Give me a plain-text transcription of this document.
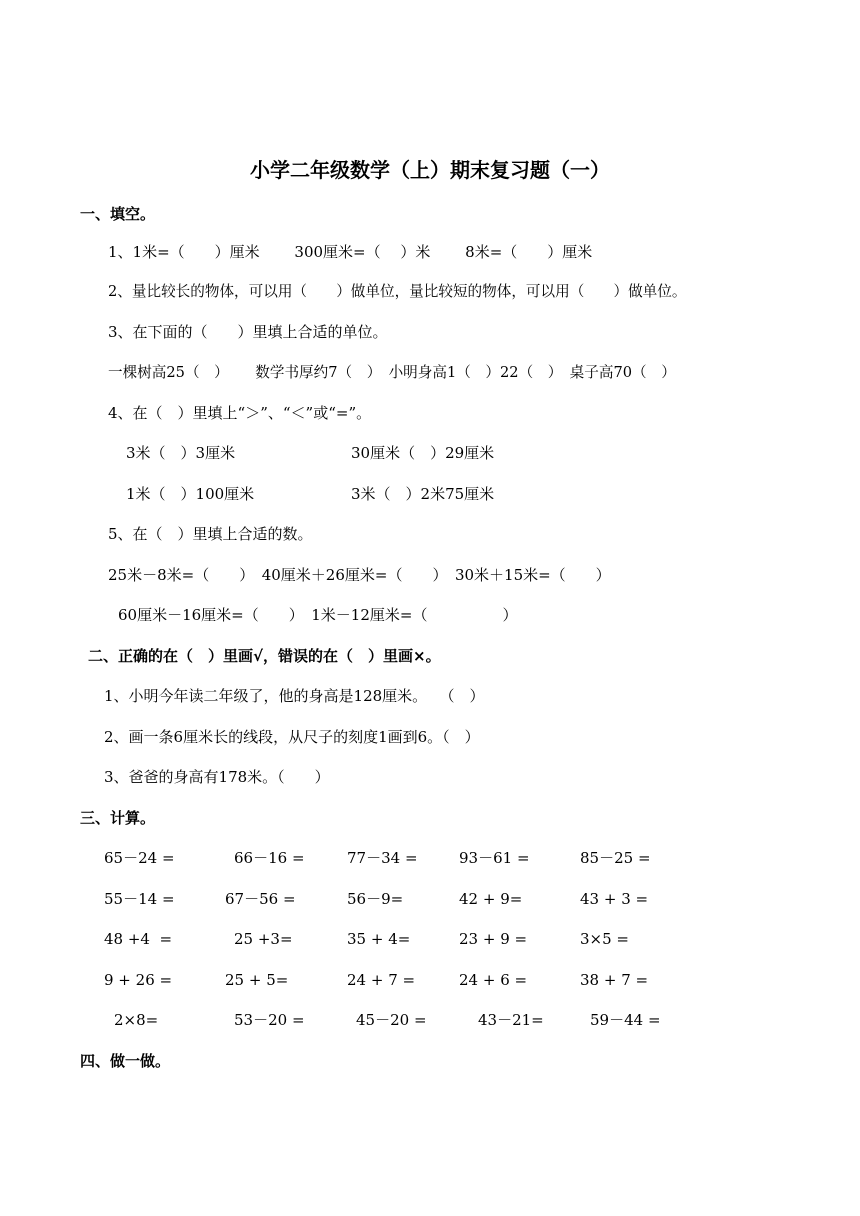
小学二年级数学（上）期末复习题（一）
一、填空。
1、1米=（　　）厘米　　 300厘米=（　 ）米　　 8米=（　　）厘米
2、量比较长的物体，可以用（　　）做单位，量比较短的物体，可以用（　　）做单位。
3、在下面的（　　）里填上合适的单位。
一棵树高25（　）　　 数学书厚约7（　）　小明身高1（　）22（　）　桌子高70（　）
4、在（　）里填上“＞”、“＜”或“=”。
3米（　）3厘米	30厘米（　）29厘米
1米（　）100厘米	3米（　）2米75厘米
5、在（　）里填上合适的数。
25米－8米=（　　）　40厘米＋26厘米=（　　）　30米＋15米=（　　）
60厘米－16厘米=（　　）　1米－12厘米=（　　　　　）
二、正确的在（　）里画√，错误的在（　）里画×。
1、小明今年读二年级了，他的身高是128厘米。　 （　）
2、画一条6厘米长的线段，从尺子的刻度1画到6。（　）
3、爸爸的身高有178米。（　　）
三、计算。
65－24 =	66－16 =	77－34 =	93－61 =	85－25 =
55－14 =	67－56 =	56－9=	42 + 9=	43 + 3 =
48 +4  =	25 +3=	35 + 4=	23 + 9 =	3×5 =
9 + 26 =	25 + 5=	24 + 7 =	24 + 6 =	38 + 7 =
2×8=	53－20 =	45－20 =	43－21=	59－44 =
四、做一做。
